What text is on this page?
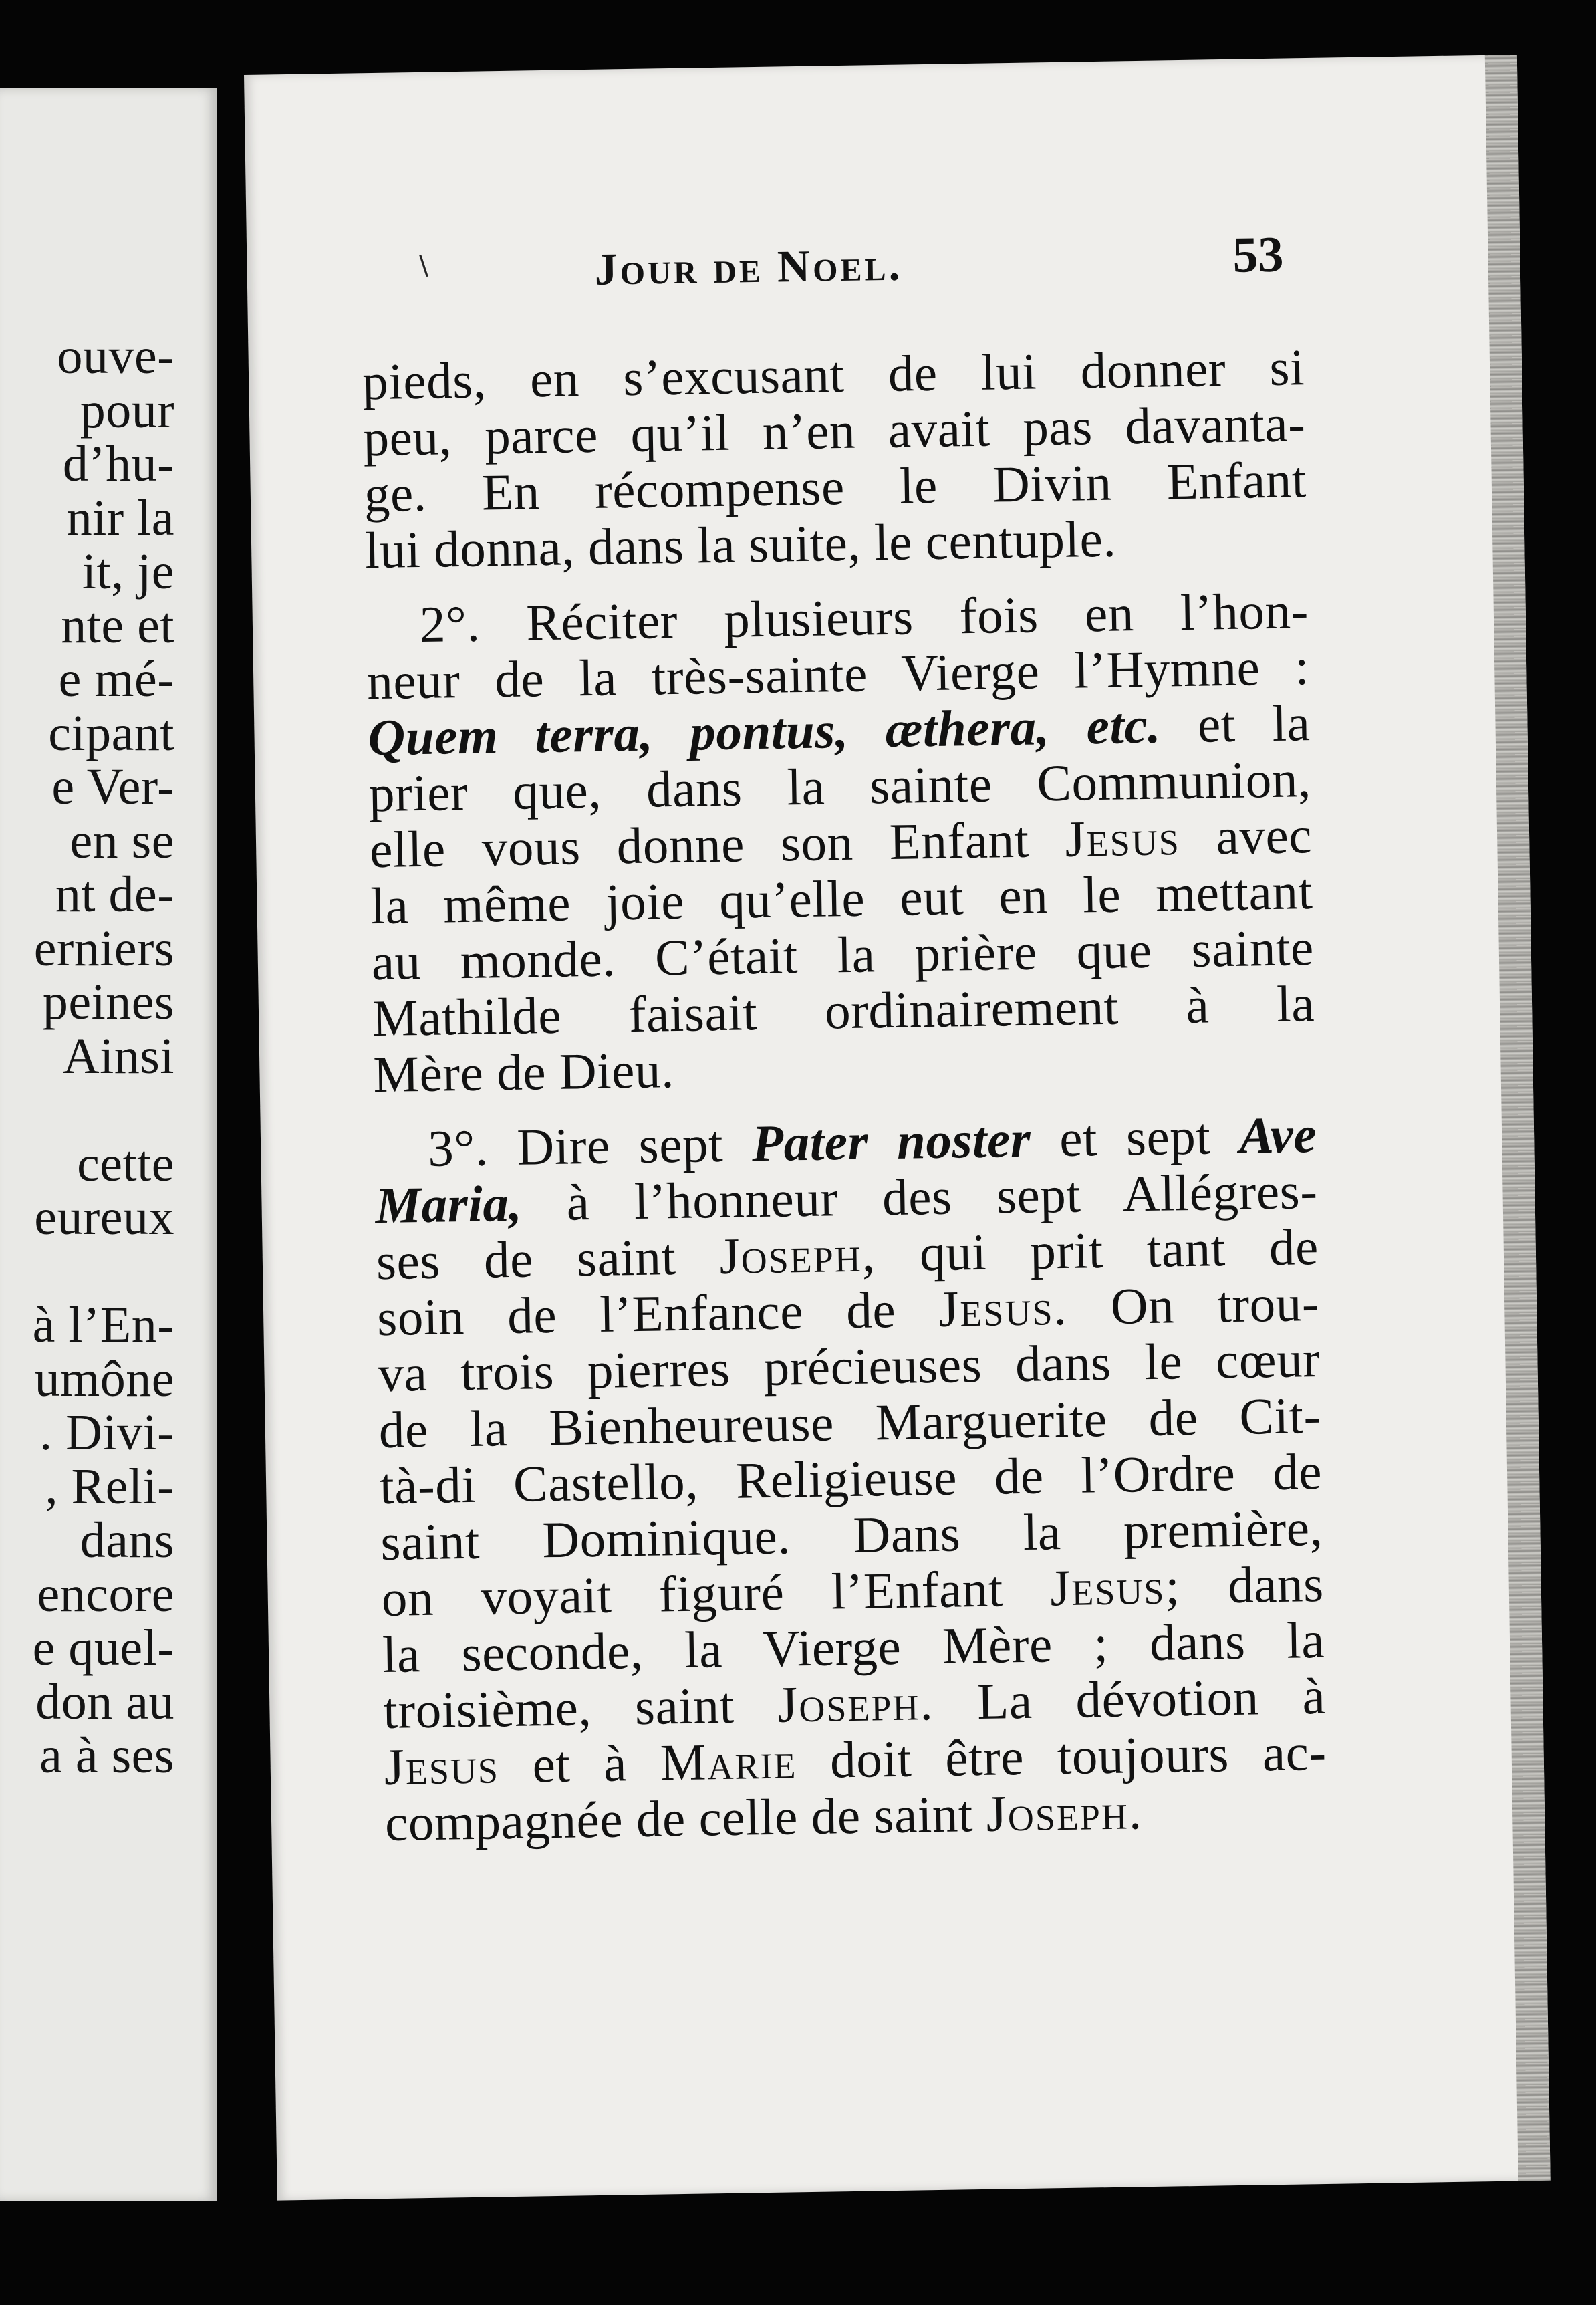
ouve-
pour
d’hu-
nir la
it, je
nte et
e mé-
cipant
e Ver-
en se
nt de-
erniers
peines
Ainsi
cette
eureux
à l’En-
umône
. Divi-
, Reli-
dans
encore
e quel-
don au
a à ses
∖	Jour de Noel.	53

pieds, en s’excusant de lui donner si
peu, parce qu’il n’en avait pas davanta-
ge. En récompense le Divin Enfant
lui donna, dans la suite, le centuple.

2°. Réciter plusieurs fois en l’hon-
neur de la très-sainte Vierge l’Hymne :
Quem terra, pontus, æthera, etc. et la
prier que, dans la sainte Communion,
elle vous donne son Enfant Jesus avec
la même joie qu’elle eut en le mettant
au monde. C’était la prière que sainte
Mathilde faisait ordinairement à la
Mère de Dieu.

3°. Dire sept Pater noster et sept Ave
Maria, à l’honneur des sept Allégres-
ses de saint Joseph, qui prit tant de
soin de l’Enfance de Jesus. On trou-
va trois pierres précieuses dans le cœur
de la Bienheureuse Marguerite de Cit-
tà-di Castello, Religieuse de l’Ordre de
saint Dominique. Dans la première,
on voyait figuré l’Enfant Jesus; dans
la seconde, la Vierge Mère ; dans la
troisième, saint Joseph. La dévotion à
Jesus et à Marie doit être toujours ac-
compagnée de celle de saint Joseph.
